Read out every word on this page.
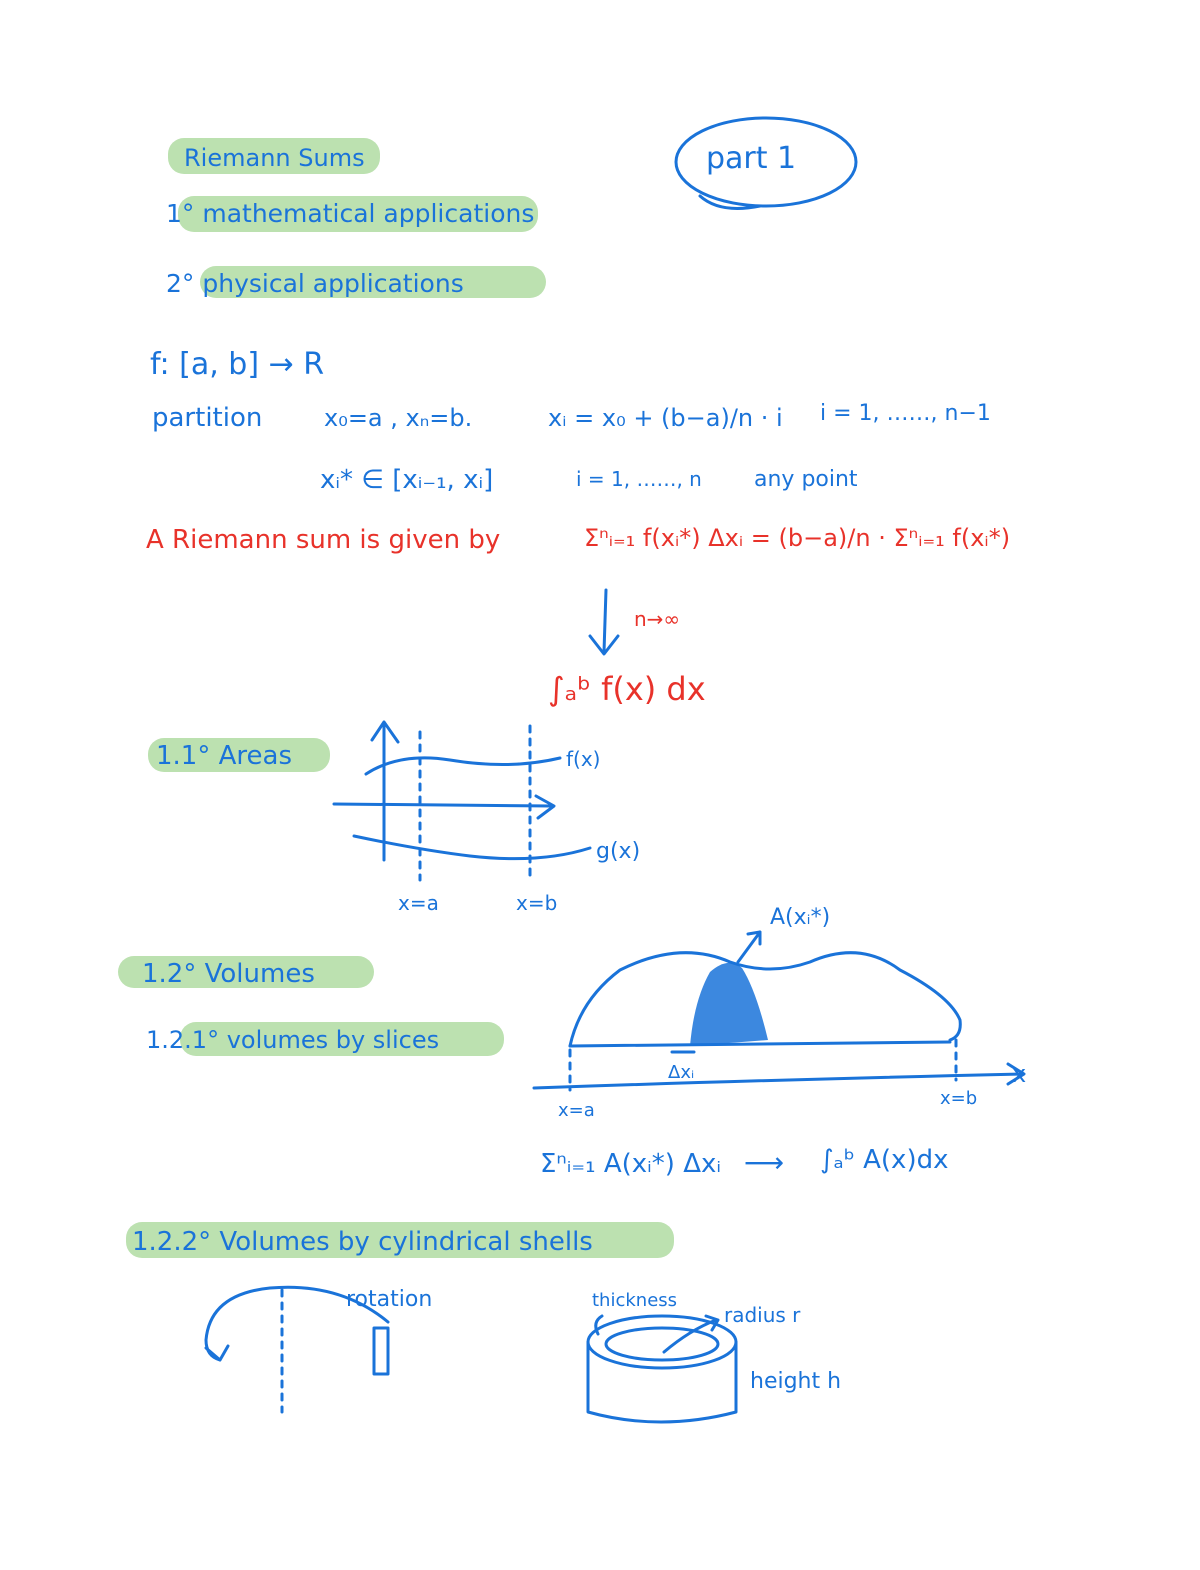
Riemann Sums	part 1
1° mathematical applications
2° physical applications
f: [a, b] → R
partition	x₀=a , xₙ=b.	xᵢ = x₀ + (b−a)/n · i i = 1, ……, n−1
xᵢ* ∈ [xᵢ₋₁, xᵢ]	i = 1, ……, n any point
A Riemann sum is given by	Σⁿᵢ₌₁ f(xᵢ*) Δxᵢ = (b−a)/n · Σⁿᵢ₌₁ f(xᵢ*)
n→∞
∫ₐᵇ f(x) dx
1.1° Areas	f(x)
g(x)
x=a	x=b
1.2° Volumes
1.2.1° volumes by slices
A(xᵢ*)
x
Δxᵢ
x=a
x=b
Σⁿᵢ₌₁ A(xᵢ*) Δxᵢ ⟶ ∫ₐᵇ A(x)dx
1.2.2° Volumes by cylindrical shells
rotation	thickness
radius r
height h
